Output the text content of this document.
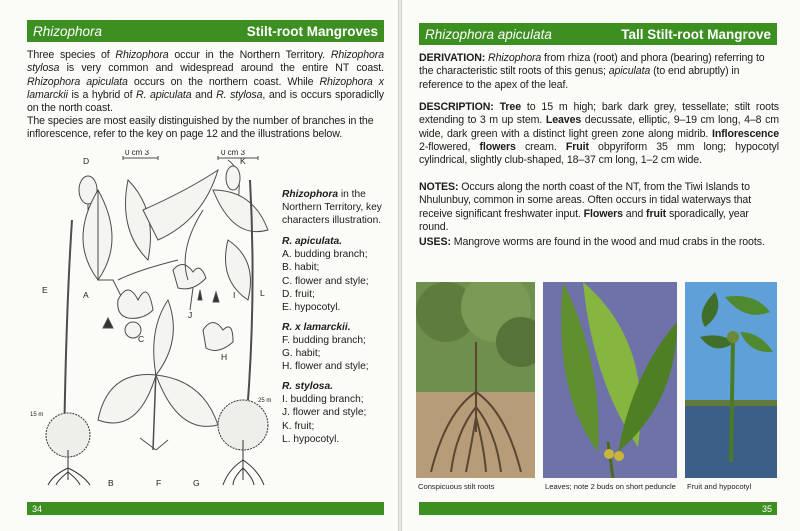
Rhizophora	Stilt-root Mangroves

Three species of Rhizophora occur in the Northern Territory. Rhizophora stylosa is very common and widespread around the entire NT coast. Rhizophora apiculata occurs on the northern coast. While Rhizophora x lamarckii is a hybrid of R. apiculata and R. stylosa, and is occurs sporadiclly on the north coast.

The species are most easily distinguished by the number of branches in the inflorescence, refer to the key on page 12 and the illustrations below.

0 cm 3	0 cm 3
15 m
25 m
A
B
C
D
E
F	G
H
I
J
K
L

Rhizophora in the Northern Territory, key characters illustration.

R. apiculata.

A. budding branch;

B. habit;

C. flower and style;

D. fruit;

E. hypocotyl.

R. x lamarckii.

F. budding branch;

G. habit;

H. flower and style;

R. stylosa.

I. budding branch;

J. flower and style;

K. fruit;

L. hypocotyl.

34
Rhizophora apiculata	Tall Stilt-root Mangrove

DERIVATION: Rhizophora from rhiza (root) and phora (bearing) referring to the characteristic stilt roots of this genus; apiculata (to end abruptly) in reference to the apex of the leaf.

DESCRIPTION: Tree to 15 m high; bark dark grey, tessellate; stilt roots extending to 3 m up stem. Leaves decussate, elliptic, 9–19 cm long, 4–8 cm wide, dark green with a distinct light green zone along midrib. Inflorescence 2-flowered, flowers cream. Fruit obpyriform 35 mm long; hypocotyl cylindrical, slightly club-shaped, 18–37 cm long, 1–2 cm wide.

NOTES: Occurs along the north coast of the NT, from the Tiwi Islands to Nhulunbuy, common in some areas. Often occurs in tidal waterways that receive significant freshwater input. Flowers and fruit sporadically, year round.

USES: Mangrove worms are found in the wood and mud crabs in the roots.

Conspicuous stilt roots	Leaves; note 2 buds on short peduncle Fruit and hypocotyl
35
